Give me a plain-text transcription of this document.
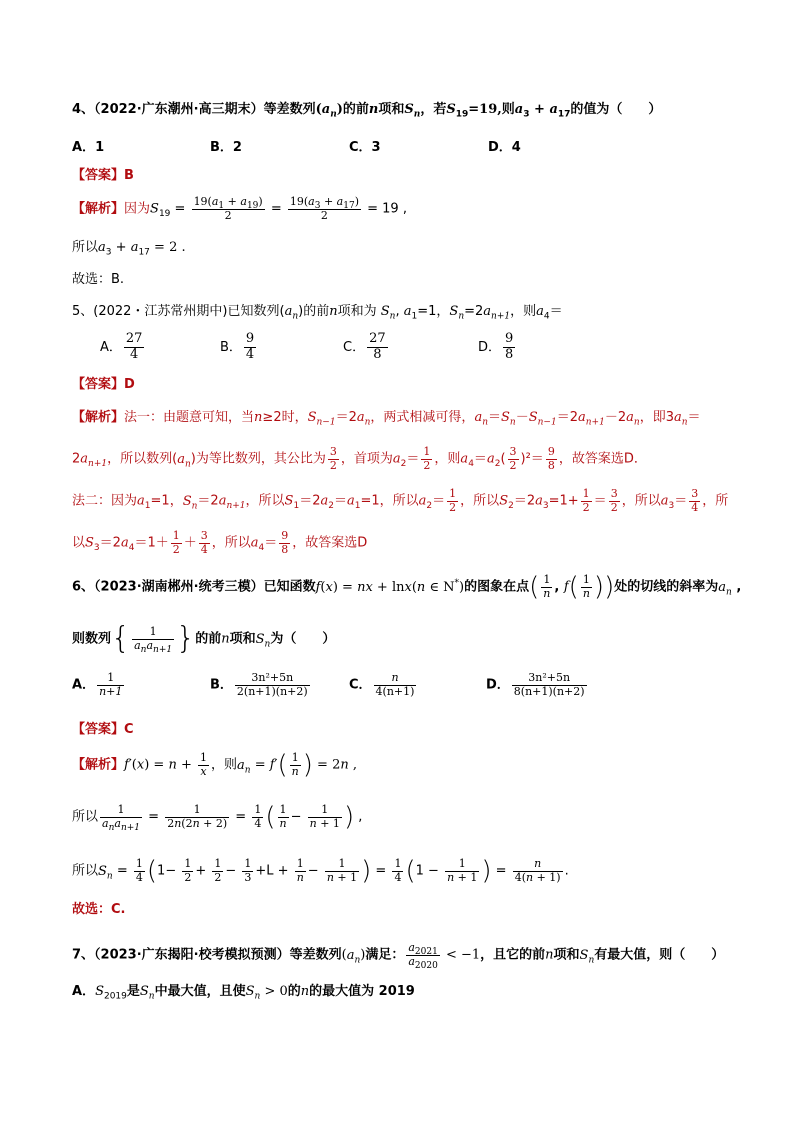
4、（2022·广东潮州·高三期末）等差数列$(a_n)$的前n项和$S_n$，若$S_{19}=19$,则$a_3 + a_{17}$的值为（　　）
A．1	B．2	C．3	D．4
【答案】B
【解析】因为$S_{19} = \frac{19(a_1 + a_{19})}{2} = \frac{19(a_3 + a_{17})}{2} = 19$ ,
所以$a_3 + a_{17} = 2$ .
故选：B.
5、(2022・江苏常州期中)已知数列$(a_n)$的前n项和为 $S_n$, $a_1=1$，$S_n=2a_{n+1}$，则$a_4=$
A． $\frac{27}{4}$	B． $\frac{9}{4}$	C． $\frac{27}{8}$	D． $\frac{9}{8}$
【答案】D
【解析】法一：由题意可知，当n≥2时，$S_{n-1}=2a_n$，两式相减可得，$a_n=S_n-S_{n-1}=2a_{n+1}-2a_n$，即$3a_n=$
$2a_{n+1}$，所以数列$(a_n)$为等比数列，其公比为 $\frac{3}{2}$ ，首项为$a_2= \frac{1}{2}$ ，则$a_4=a_2( \frac{3}{2} )^2= \frac{9}{8}$ ，故答案选D．
法二：因为$a_1=1$，$S_n=2a_{n+1}$，所以$S_1=2a_2=a_1=1$，所以$a_2= \frac{1}{2}$ ，所以$S_2=2a_3=1+ \frac{1}{2} = \frac{3}{2}$ ，所以$a_3= \frac{3}{4}$ ，所
以$S_3=2a_4=1+ \frac{1}{2} + \frac{3}{4}$ ，所以$a_4= \frac{9}{8}$ ，故答案选D
6、（2023·湖南郴州·统考三模）已知函数f(x) = nx + lnx(n ∈ N*)的图象在点( $\frac{1}{n}$ , $f( \frac{1}{n}$ ))处的切线的斜率为$a_n$ ,
则数列{ $\frac{1}{a_na_{n+1}}$ }的前n项和$S_n$为（　　）
A． $\frac{1}{n+1}$	B． $\frac{\text{3n²+5n}}{2(n+1)(n+2)}$	C． $\frac{n}{4(n+1)}$	D． $\frac{\text{3n²+5n}}{8(n+1)(n+2)}$
【答案】C
【解析】$f'(x) = n + \frac{1}{x}$ ，则$a_n = f'( \frac{1}{n}$ ) = 2n ,
所以 $\frac{1}{a_na_{n+1}} = \frac{1}{2n(2n + 2)} = \frac{1}{4}$ ( $\frac{1}{n} - \frac{1}{n + 1}$ ) ,
所以$S_n = \frac{1}{4} (1- \frac{1}{2} + \frac{1}{2} - \frac{1}{3} +L + \frac{1}{n} - \frac{1}{n + 1}$ ) = $\frac{1}{4} (1 - \frac{1}{n + 1}$ ) = $\frac{n}{4(n + 1)}$ .
故选：C.
7、（2023·广东揭阳·校考模拟预测）等差数列$(a_n)$满足： $\frac{a_{2021}}{a_{2020}} < -1$，且它的前n项和$S_n$有最大值，则（　　）
A．$S_{2019}$是$S_n$中最大值，且使$S_n > 0$的n的最大值为 2019
